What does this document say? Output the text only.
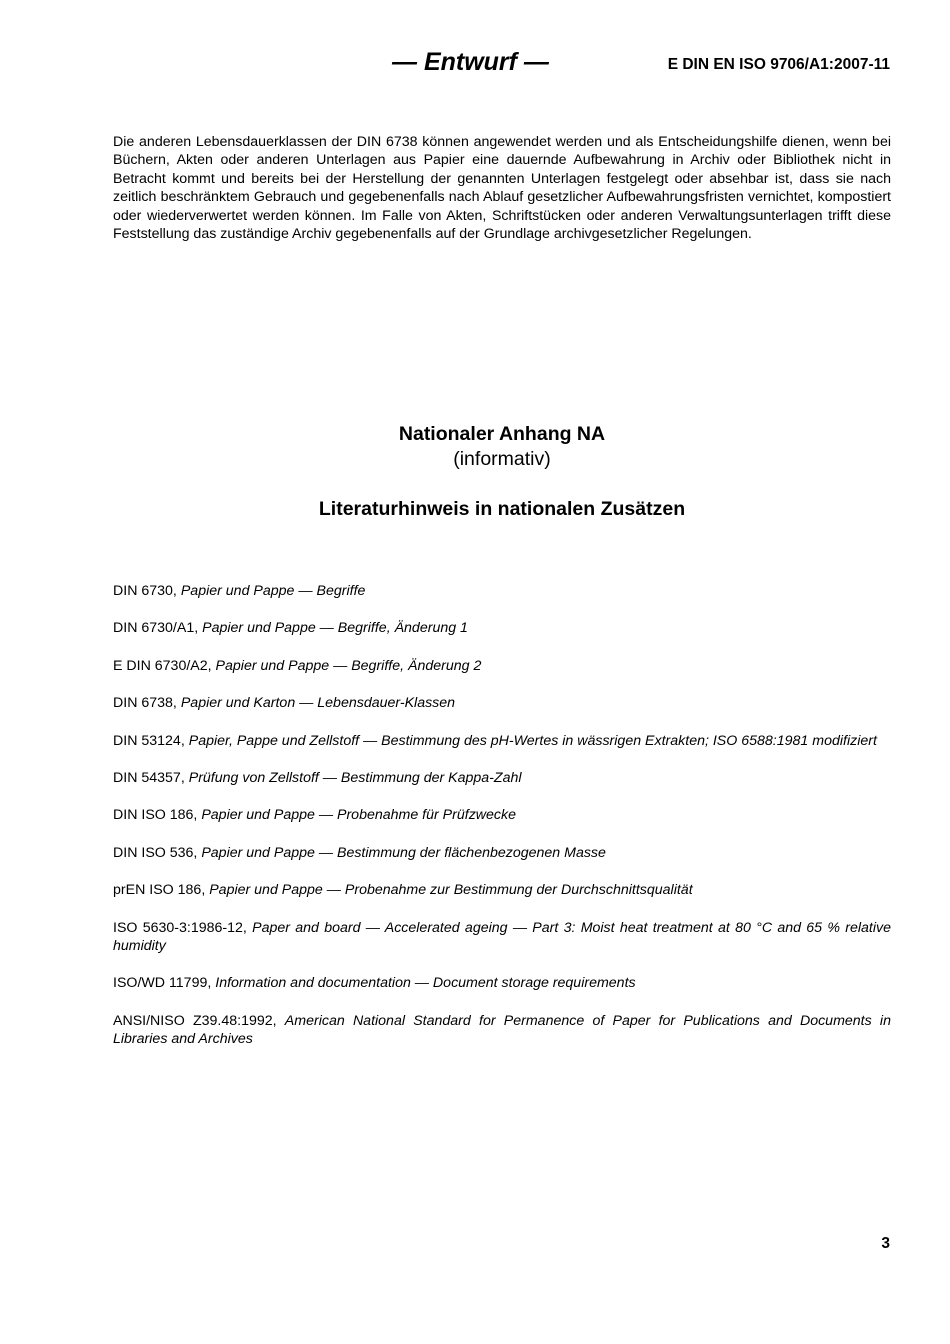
— Entwurf —	E DIN EN ISO 9706/A1:2007-11

Die anderen Lebensdauerklassen der DIN 6738 können angewendet werden und als Entscheidungshilfe dienen, wenn bei Büchern, Akten oder anderen Unterlagen aus Papier eine dauernde Aufbewahrung in Archiv oder Bibliothek nicht in Betracht kommt und bereits bei der Herstellung der genannten Unterlagen festgelegt oder absehbar ist, dass sie nach zeitlich beschränktem Gebrauch und gegebenenfalls nach Ablauf gesetzlicher Aufbewahrungsfristen vernichtet, kompostiert oder wiederverwertet werden können. Im Falle von Akten, Schriftstücken oder anderen Verwaltungsunterlagen trifft diese Feststellung das zuständige Archiv gegebenenfalls auf der Grundlage archivgesetzlicher Regelungen.

Nationaler Anhang NA
(informativ)
Literaturhinweis in nationalen Zusätzen

DIN 6730, Papier und Pappe — Begriffe

DIN 6730/A1, Papier und Pappe — Begriffe, Änderung 1

E DIN 6730/A2, Papier und Pappe — Begriffe, Änderung 2

DIN 6738, Papier und Karton — Lebensdauer-Klassen

DIN 53124, Papier, Pappe und Zellstoff — Bestimmung des pH-Wertes in wässrigen Extrakten; ISO 6588:1981 modifiziert

DIN 54357, Prüfung von Zellstoff — Bestimmung der Kappa-Zahl

DIN ISO 186, Papier und Pappe — Probenahme für Prüfzwecke

DIN ISO 536, Papier und Pappe — Bestimmung der flächenbezogenen Masse

prEN ISO 186, Papier und Pappe — Probenahme zur Bestimmung der Durchschnittsqualität

ISO 5630-3:1986-12, Paper and board — Accelerated ageing — Part 3: Moist heat treatment at 80 °C and 65 % relative humidity

ISO/WD 11799, Information and documentation — Document storage requirements

ANSI/NISO Z39.48:1992, American National Standard for Permanence of Paper for Publications and Documents in Libraries and Archives

3
